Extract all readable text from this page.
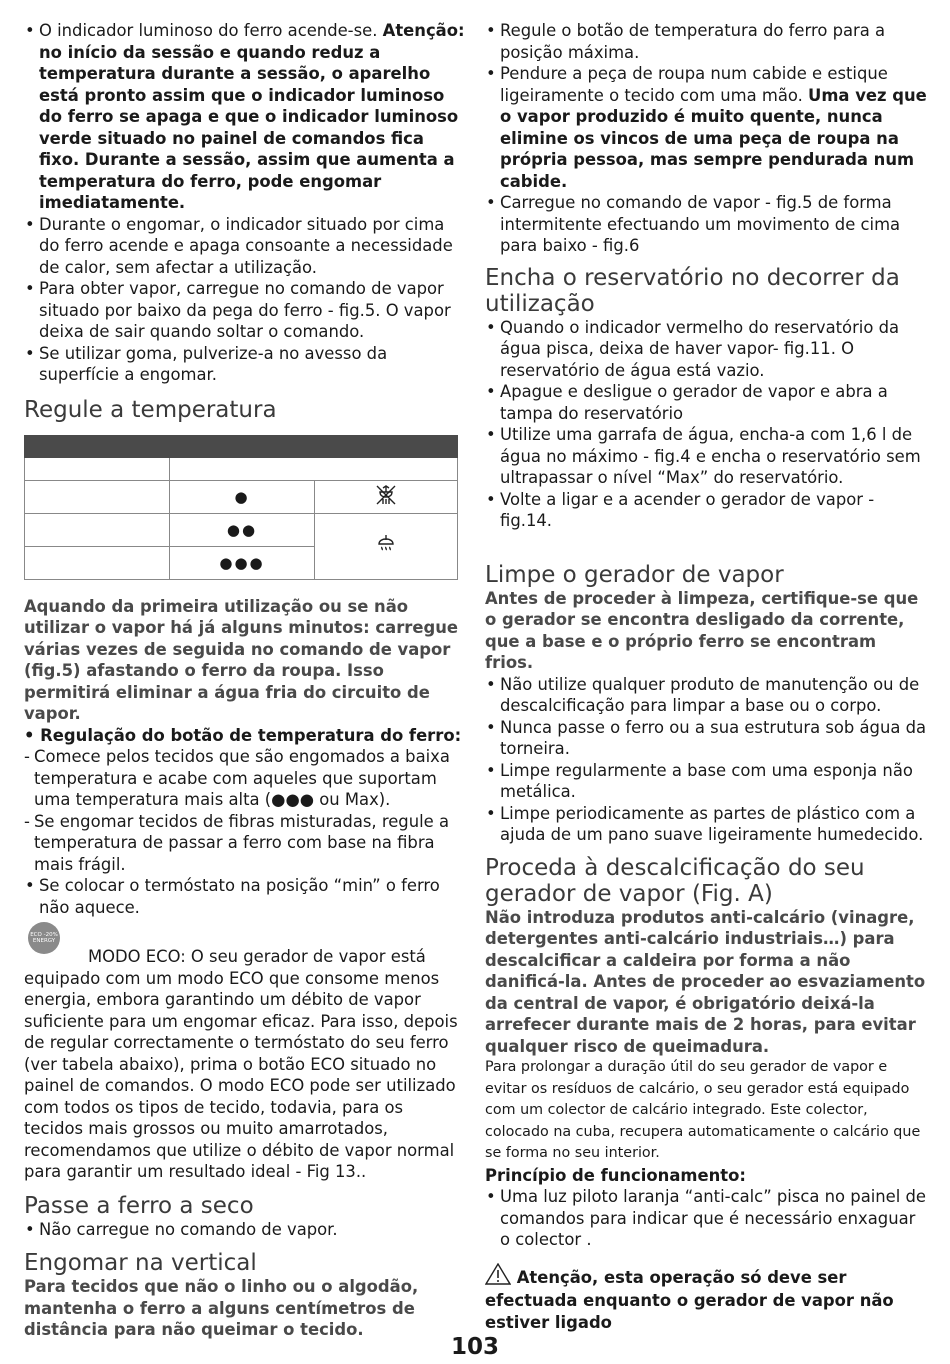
• O indicador luminoso do ferro acende-se. Atenção: no início da sessão e quando reduz a temperatura durante a sessão, o aparelho está pronto assim que o indicador luminoso do ferro se apaga e que o indicador luminoso verde situado no painel de comandos fica fixo. Durante a sessão, assim que aumenta a temperatura do ferro, pode engomar imediatamente.
• Durante o engomar, o indicador situado por cima do ferro acende e apaga consoante a necessidade de calor, sem afectar a utilização.
• Para obter vapor, carregue no comando de vapor situado por baixo da pega do ferro - fig.5. O vapor deixa de sair quando soltar o comando.
• Se utilizar goma, pulverize-a no avesso da superfície a engomar.
Regule a temperatura

	●	
	●●	
	●●●	

Aquando da primeira utilização ou se não utilizar o vapor há já alguns minutos: carregue várias vezes de seguida no comando de vapor (fig.5) afastando o ferro da roupa. Isso permitirá eliminar a água fria do circuito de vapor.

• Regulação do botão de temperatura do ferro:

- Comece pelos tecidos que são engomados a baixa temperatura e acabe com aqueles que suportam uma temperatura mais alta (●●● ou Max).
- Se engomar tecidos de fibras misturadas, regule a temperatura de passar a ferro com base na fibra mais frágil.
• Se colocar o termóstato na posição “min” o ferro não aquece.
ECO -20% ENERGY

MODO ECO: O seu gerador de vapor está equipado com um modo ECO que consome menos energia, embora garantindo um débito de vapor suficiente para um engomar eficaz. Para isso, depois de regular correctamente o termóstato do seu ferro (ver tabela abaixo), prima o botão ECO situado no painel de comandos. O modo ECO pode ser utilizado com todos os tipos de tecido, todavia, para os tecidos mais grossos ou muito amarrotados, recomendamos que utilize o débito de vapor normal para garantir um resultado ideal - Fig 13..

Passe a ferro a seco
• Não carregue no comando de vapor.
Engomar na vertical

Para tecidos que não o linho ou o algodão, mantenha o ferro a alguns centímetros de distância para não queimar o tecido.

• Regule o botão de temperatura do ferro para a posição máxima.
• Pendure a peça de roupa num cabide e estique ligeiramente o tecido com uma mão. Uma vez que o vapor produzido é muito quente, nunca elimine os vincos de uma peça de roupa na própria pessoa, mas sempre pendurada num cabide.
• Carregue no comando de vapor - fig.5 de forma intermitente efectuando um movimento de cima para baixo - fig.6
Encha o reservatório no decorrer da utilização
• Quando o indicador vermelho do reservatório da água pisca, deixa de haver vapor- fig.11. O reservatório de água está vazio.
• Apague e desligue o gerador de vapor e abra a tampa do reservatório
• Utilize uma garrafa de água, encha-a com 1,6 l de água no máximo - fig.4 e encha o reservatório sem ultrapassar o nível “Max” do reservatório.
• Volte a ligar e a acender o gerador de vapor - fig.14.
Limpe o gerador de vapor

Antes de proceder à limpeza, certifique-se que o gerador se encontra desligado da corrente, que a base e o próprio ferro se encontram frios.

• Não utilize qualquer produto de manutenção ou de descalcificação para limpar a base ou o corpo.
• Nunca passe o ferro ou a sua estrutura sob água da torneira.
• Limpe regularmente a base com uma esponja não metálica.
• Limpe periodicamente as partes de plástico com a ajuda de um pano suave ligeiramente humedecido.
Proceda à descalcificação do seu gerador de vapor (Fig. A)

Não introduza produtos anti-calcário (vinagre, detergentes anti-calcário industriais…) para descalcificar a caldeira por forma a não danificá-la. Antes de proceder ao esvaziamento da central de vapor, é obrigatório deixá-la arrefecer durante mais de 2 horas, para evitar qualquer risco de queimadura.

Para prolongar a duração útil do seu gerador de vapor e evitar os resíduos de calcário, o seu gerador está equipado com um colector de calcário integrado. Este colector, colocado na cuba, recupera automaticamente o calcário que se forma no seu interior.

Princípio de funcionamento:

• Uma luz piloto laranja “anti-calc” pisca no painel de comandos para indicar que é necessário enxaguar o colector .

Atenção, esta operação só deve ser efectuada enquanto o gerador de vapor não estiver ligado

103
